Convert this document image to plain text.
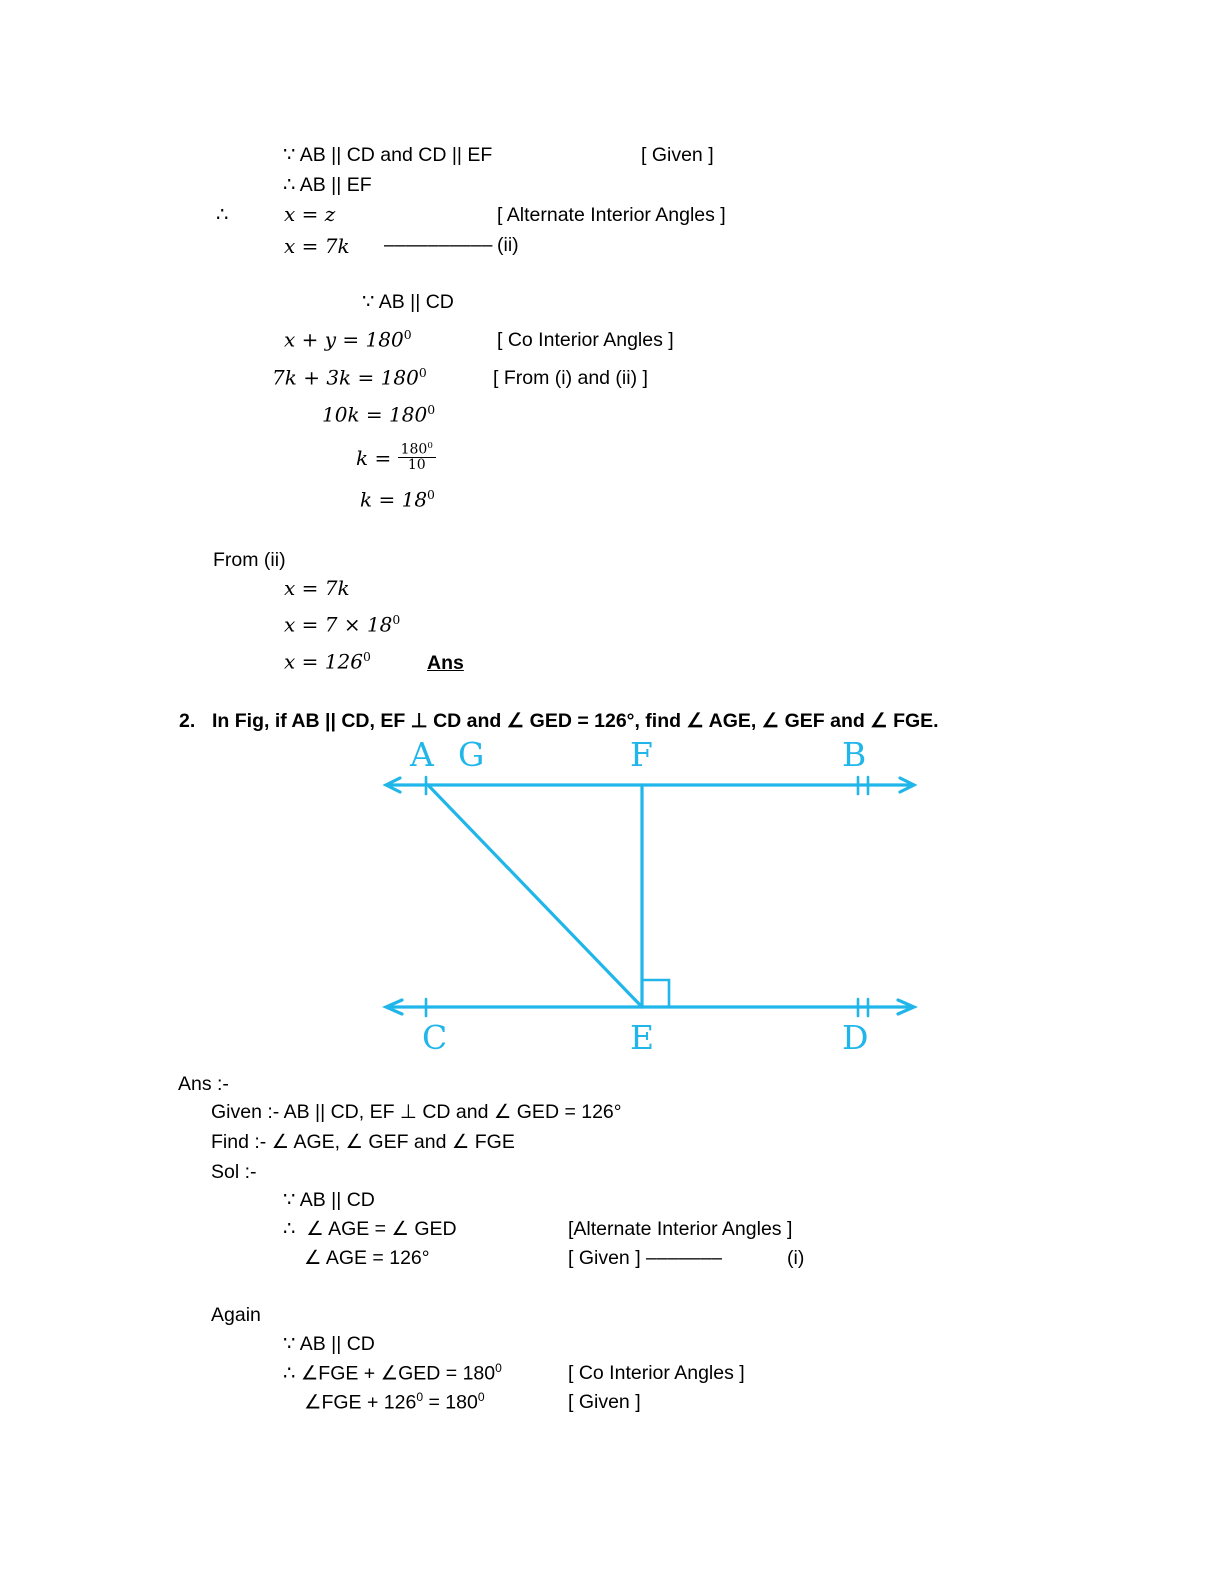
∵ AB || CD and CD || EF	[ Given ]
∴ AB || EF
∴	x = z	[ Alternate Interior Angles ]
x = 7k –––––––––– (ii)
∵ AB || CD
$x + y = 180^0$	[ Co Interior Angles ]
$7k + 3k = 180^0$	[ From (i) and (ii) ]
$10k = 180^0$
$k = \frac{180^0}{10}$
$k = 18^0$
From (ii)
x = 7k
$x = 7 \times 18^0$
$x = 126^0$	Ans
2. In Fig, if AB || CD, EF ⊥ CD and ∠ GED = 126°, find ∠ AGE, ∠ GEF and ∠ FGE.
A G	F	B
C	E	D
Ans :-
Given :- AB || CD, EF ⊥ CD and ∠ GED = 126°
Find :- ∠ AGE, ∠ GEF and ∠ FGE
Sol :-
∵ AB || CD
∴  ∠ AGE = ∠ GED	[Alternate Interior Angles ]
∠ AGE = 126°	[ Given ] –––––––	(i)
Again
∵ AB || CD
∴ ∠FGE + ∠GED = $180^0$	[ Co Interior Angles ]
∠FGE + $126^0 = 180^0$	[ Given ]
